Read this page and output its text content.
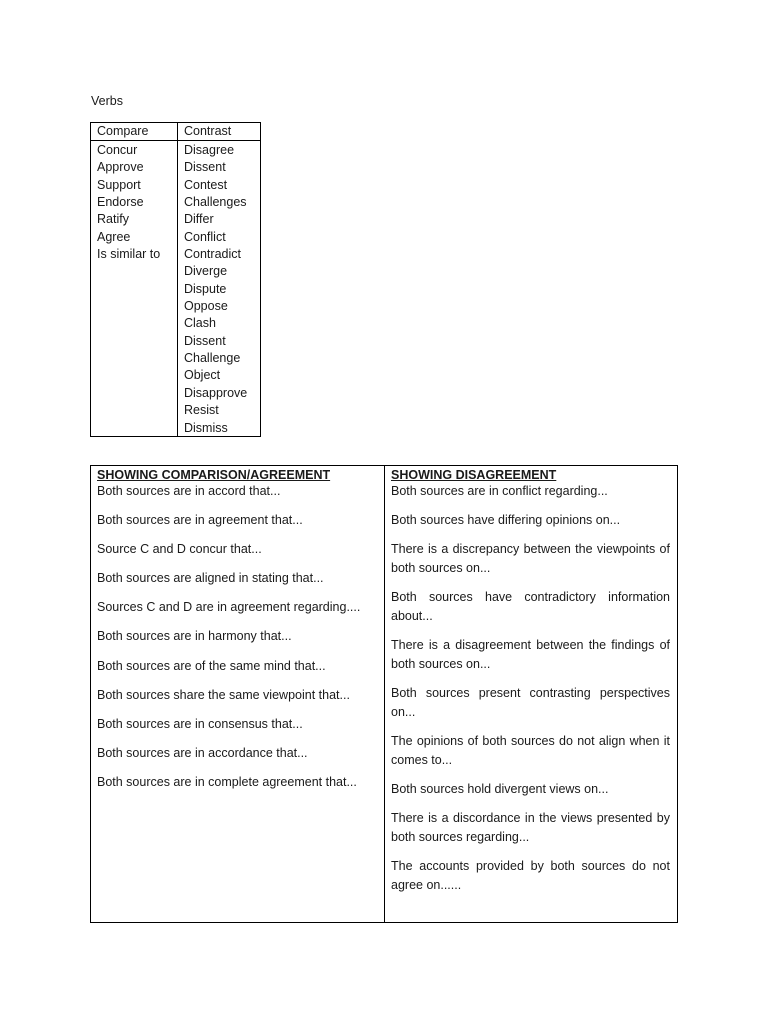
Verbs
Compare
Concur
Approve
Support
Endorse
Ratify
Agree
Is similar to
Contrast
Disagree
Dissent
Contest
Challenges
Differ
Conflict
Contradict
Diverge
Dispute
Oppose
Clash
Dissent
Challenge
Object
Disapprove
Resist
Dismiss
SHOWING COMPARISON/AGREEMENT
Both sources are in accord that...
Both sources are in agreement that...
Source C and D concur that...
Both sources are aligned in stating that...
Sources C and D are in agreement regarding....
Both sources are in harmony that...
Both sources are of the same mind that...
Both sources share the same viewpoint that...
Both sources are in consensus that...
Both sources are in accordance that...
Both sources are in complete agreement that...
SHOWING DISAGREEMENT
Both sources are in conflict regarding...
Both sources have differing opinions on...
There is a discrepancy between the viewpoints of both sources on...
Both sources have contradictory information about...
There is a disagreement between the findings of both sources on...
Both sources present contrasting perspectives on...
The opinions of both sources do not align when it comes to...
Both sources hold divergent views on...
There is a discordance in the views presented by both sources regarding...
The accounts provided by both sources do not agree on......
